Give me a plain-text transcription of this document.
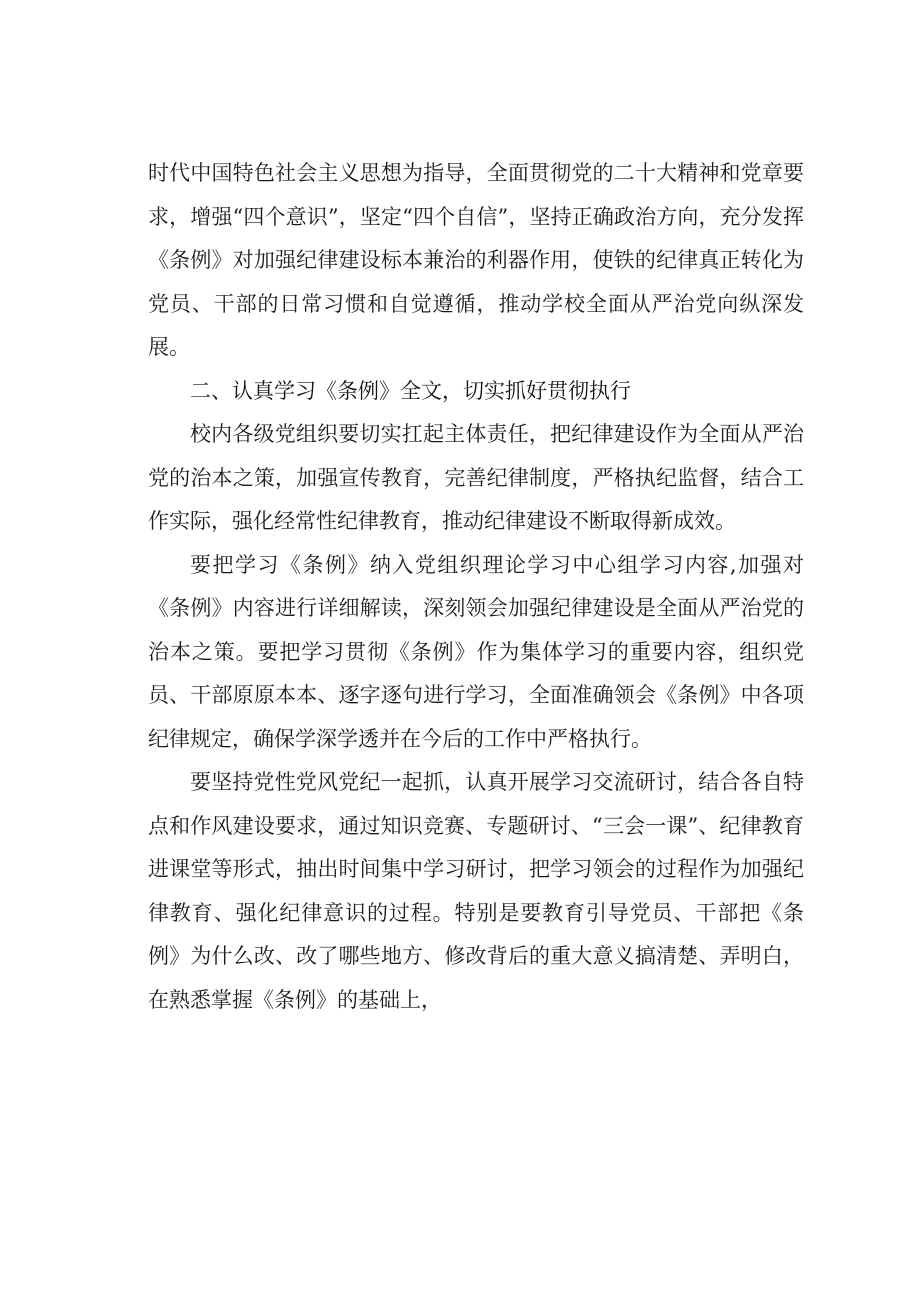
时代中国特色社会主义思想为指导，全面贯彻党的二十大精神和党章要求，增强“四个意识”，坚定“四个自信”，坚持正确政治方向，充分发挥《条例》对加强纪律建设标本兼治的利器作用，使铁的纪律真正转化为党员、干部的日常习惯和自觉遵循，推动学校全面从严治党向纵深发展。

二、认真学习《条例》全文，切实抓好贯彻执行

校内各级党组织要切实扛起主体责任，把纪律建设作为全面从严治党的治本之策，加强宣传教育，完善纪律制度，严格执纪监督，结合工作实际，强化经常性纪律教育，推动纪律建设不断取得新成效。

要把学习《条例》纳入党组织理论学习中心组学习内容,加强对《条例》内容进行详细解读，深刻领会加强纪律建设是全面从严治党的治本之策。要把学习贯彻《条例》作为集体学习的重要内容，组织党员、干部原原本本、逐字逐句进行学习，全面准确领会《条例》中各项纪律规定，确保学深学透并在今后的工作中严格执行。

要坚持党性党风党纪一起抓，认真开展学习交流研讨，结合各自特点和作风建设要求，通过知识竞赛、专题研讨、“三会一课”、纪律教育进课堂等形式，抽出时间集中学习研讨，把学习领会的过程作为加强纪律教育、强化纪律意识的过程。特别是要教育引导党员、干部把《条例》为什么改、改了哪些地方、修改背后的重大意义搞清楚、弄明白，在熟悉掌握《条例》的基础上，
